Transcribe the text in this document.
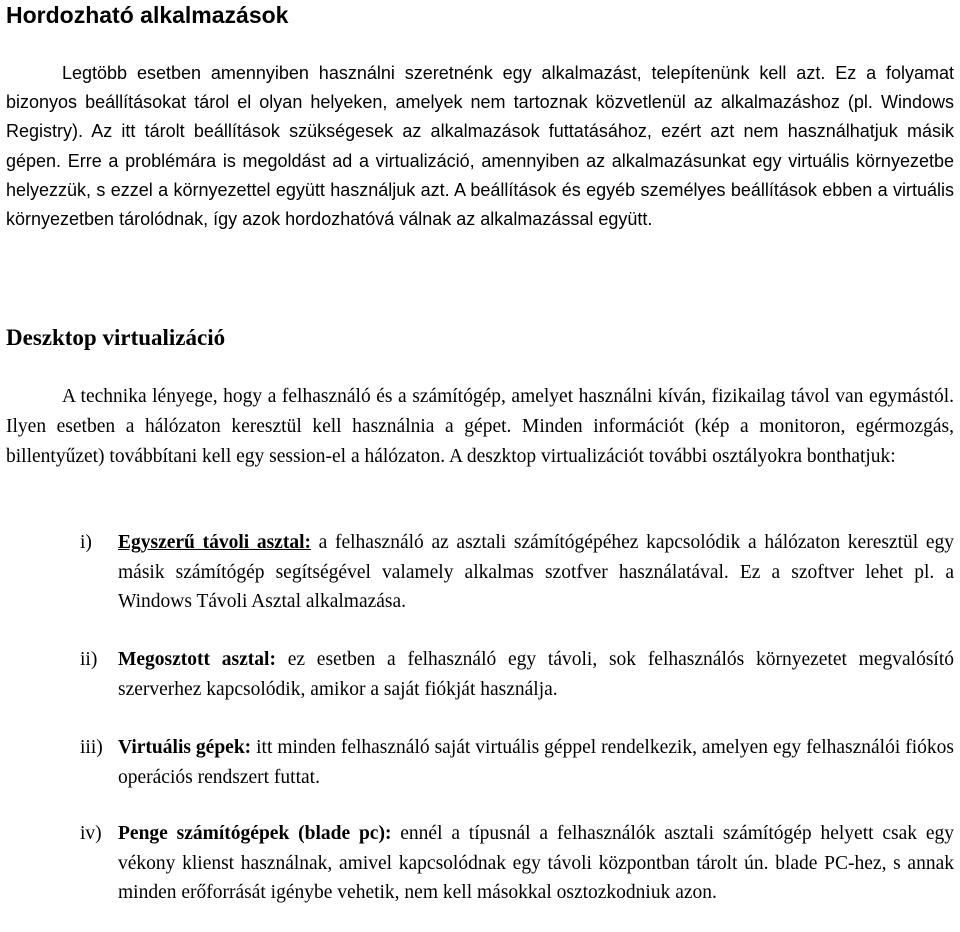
Hordozható alkalmazások

Legtöbb esetben amennyiben használni szeretnénk egy alkalmazást, telepítenünk kell azt. Ez a folyamat bizonyos beállításokat tárol el olyan helyeken, amelyek nem tartoznak közvetlenül az alkalmazáshoz (pl. Windows Registry). Az itt tárolt beállítások szükségesek az alkalmazások futtatásához, ezért azt nem használhatjuk másik gépen. Erre a problémára is megoldást ad a virtualizáció, amennyiben az alkalmazásunkat egy virtuális környezetbe helyezzük, s ezzel a környezettel együtt használjuk azt. A beállítások és egyéb személyes beállítások ebben a virtuális környezetben tárolódnak, így azok hordozhatóvá válnak az alkalmazással együtt.

Deszktop virtualizáció

A technika lényege, hogy a felhasználó és a számítógép, amelyet használni kíván, fizikailag távol van egymástól. Ilyen esetben a hálózaton keresztül kell használnia a gépet. Minden információt (kép a monitoron, egérmozgás, billentyűzet) továbbítani kell egy session-el a hálózaton. A deszktop virtualizációt további osztályokra bonthatjuk:

i)	Egyszerű távoli asztal: a felhasználó az asztali számítógépéhez kapcsolódik a hálózaton keresztül egy másik számítógép segítségével valamely alkalmas szotfver használatával. Ez a szoftver lehet pl. a Windows Távoli Asztal alkalmazása.
ii)	Megosztott asztal: ez esetben a felhasználó egy távoli, sok felhasználós környezetet megvalósító szerverhez kapcsolódik, amikor a saját fiókját használja.
iii) Virtuális gépek: itt minden felhasználó saját virtuális géppel rendelkezik, amelyen egy felhasználói fiókos operációs rendszert futtat.
iv) Penge számítógépek (blade pc): ennél a típusnál a felhasználók asztali számítógép helyett csak egy vékony klienst használnak, amivel kapcsolódnak egy távoli központban tárolt ún. blade PC-hez, s annak minden erőforrását igénybe vehetik, nem kell másokkal osztozkodniuk azon.
